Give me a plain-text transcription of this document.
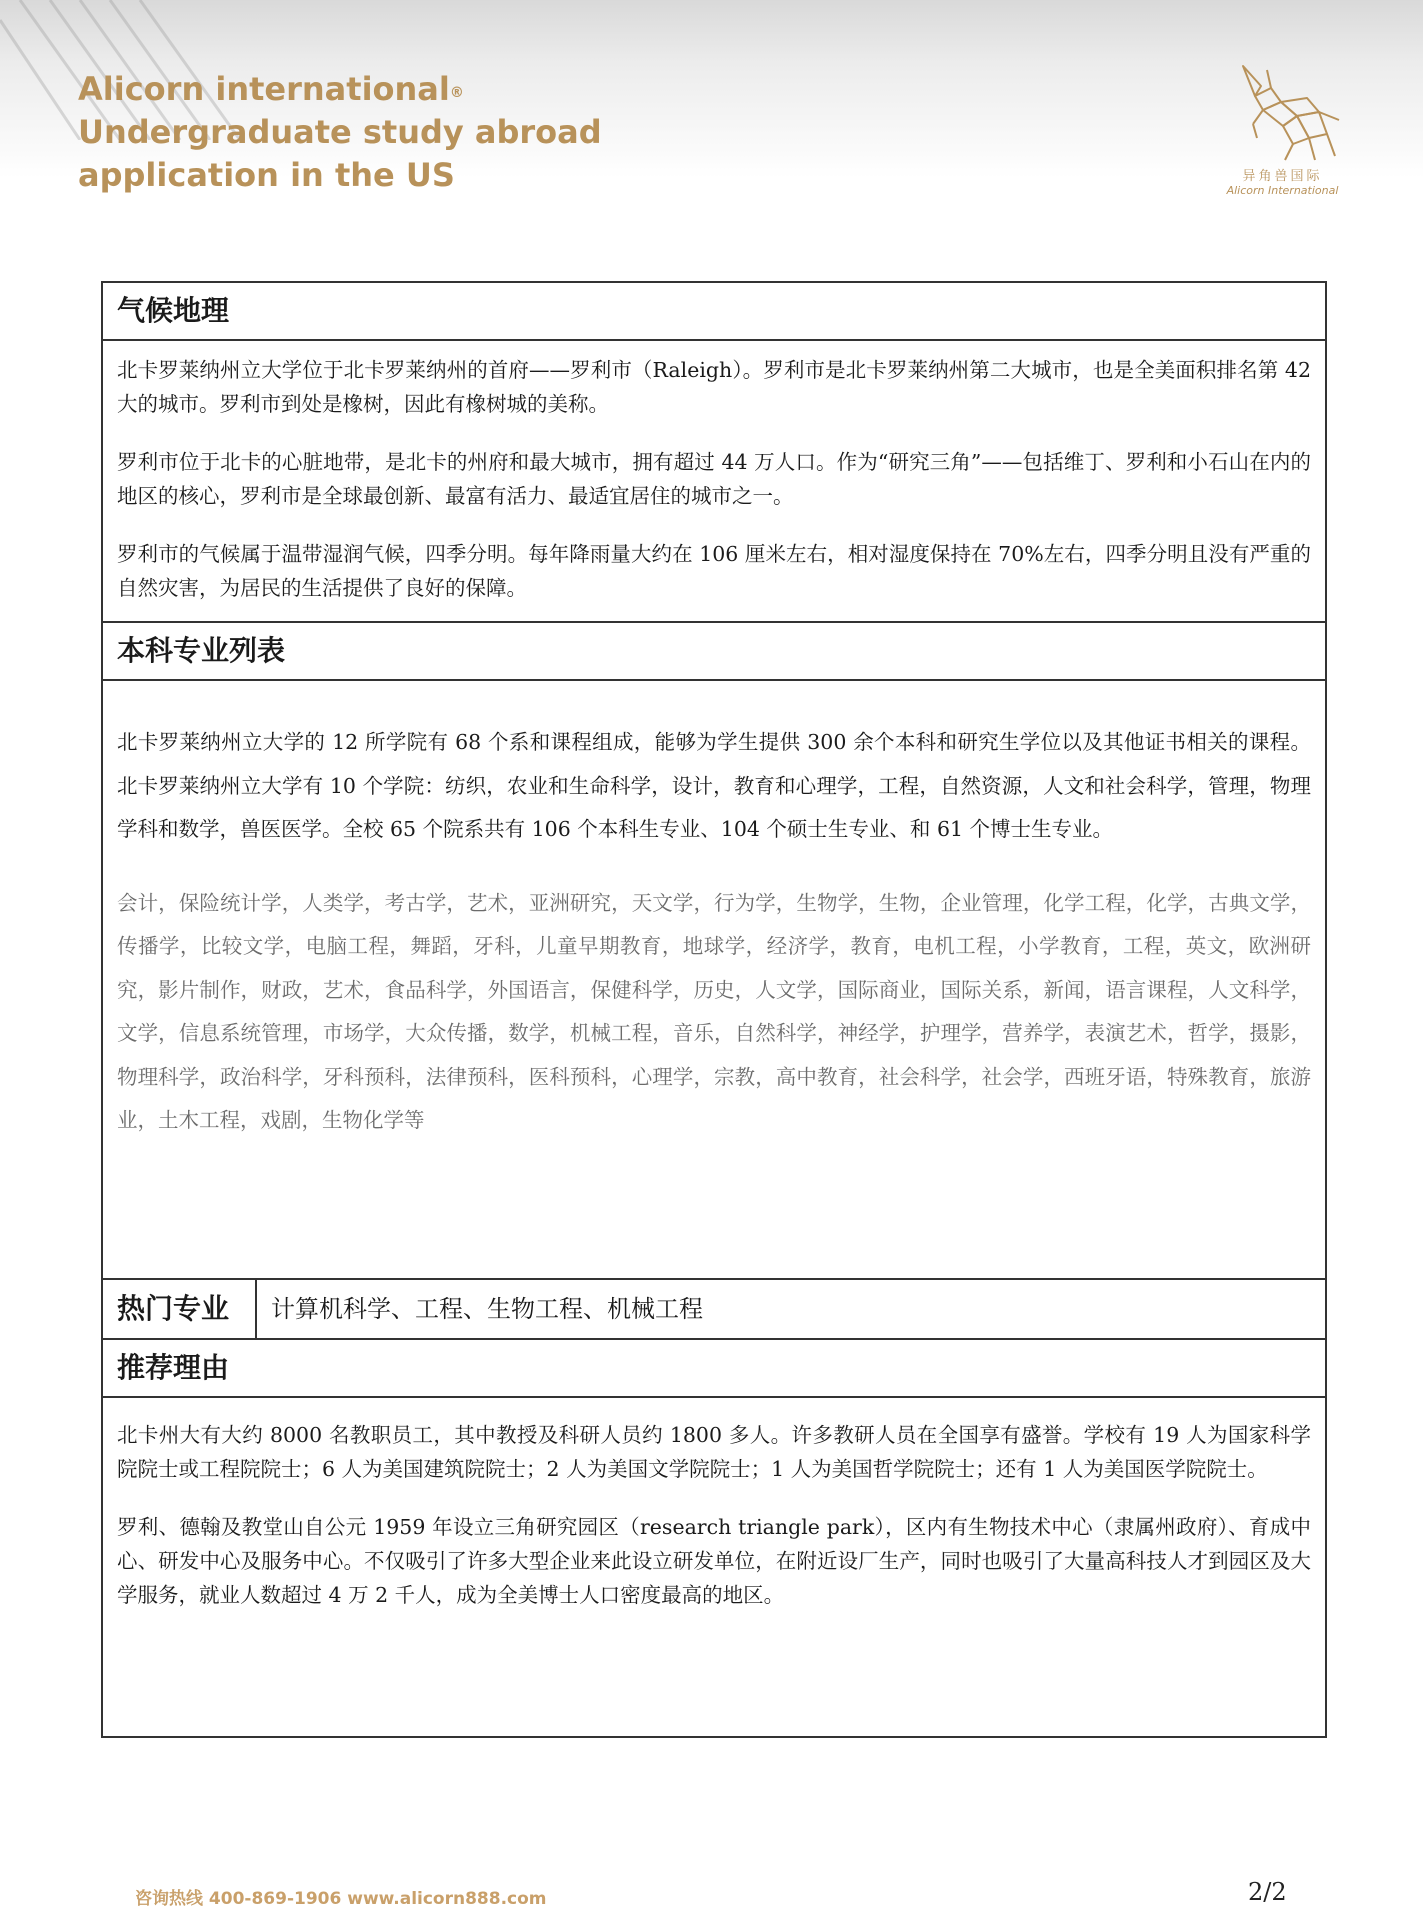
Alicorn international®
Undergraduate study abroad
application in the US	异角兽国际
Alicorn International
气候地理

北卡罗莱纳州立大学位于北卡罗莱纳州的首府——罗利市（Raleigh）。罗利市是北卡罗莱纳州第二大城市，也是全美面积排名第 42 大的城市。罗利市到处是橡树，因此有橡树城的美称。

罗利市位于北卡的心脏地带，是北卡的州府和最大城市，拥有超过 44 万人口。作为“研究三角”——包括维丁、罗利和小石山在内的地区的核心，罗利市是全球最创新、最富有活力、最适宜居住的城市之一。

罗利市的气候属于温带湿润气候，四季分明。每年降雨量大约在 106 厘米左右，相对湿度保持在 70%左右，四季分明且没有严重的自然灾害，为居民的生活提供了良好的保障。

本科专业列表

北卡罗莱纳州立大学的 12 所学院有 68 个系和课程组成，能够为学生提供 300 余个本科和研究生学位以及其他证书相关的课程。北卡罗莱纳州立大学有 10 个学院：纺织，农业和生命科学，设计，教育和心理学，工程，自然资源，人文和社会科学，管理，物理学科和数学，兽医医学。全校 65 个院系共有 106 个本科生专业、104 个硕士生专业、和 61 个博士生专业。

会计，保险统计学，人类学，考古学，艺术，亚洲研究，天文学，行为学，生物学，生物，企业管理，化学工程，化学，古典文学，传播学，比较文学，电脑工程，舞蹈，牙科，儿童早期教育，地球学，经济学，教育，电机工程，小学教育，工程，英文，欧洲研究，影片制作，财政，艺术，食品科学，外国语言，保健科学，历史，人文学，国际商业，国际关系，新闻，语言课程，人文科学，文学，信息系统管理，市场学，大众传播，数学，机械工程，音乐，自然科学，神经学，护理学，营养学，表演艺术，哲学，摄影，物理科学，政治科学，牙科预科，法律预科，医科预科，心理学，宗教，高中教育，社会科学，社会学，西班牙语，特殊教育，旅游业，土木工程，戏剧，生物化学等

热门专业	计算机科学、工程、生物工程、机械工程
推荐理由

北卡州大有大约 8000 名教职员工，其中教授及科研人员约 1800 多人。许多教研人员在全国享有盛誉。学校有 19 人为国家科学院院士或工程院院士；6 人为美国建筑院院士；2 人为美国文学院院士；1 人为美国哲学院院士；还有 1 人为美国医学院院士。

罗利、德翰及教堂山自公元 1959 年设立三角研究园区（research triangle park），区内有生物技术中心（隶属州政府）、育成中心、研发中心及服务中心。不仅吸引了许多大型企业来此设立研发单位，在附近设厂生产，同时也吸引了大量高科技人才到园区及大学服务，就业人数超过 4 万 2 千人，成为全美博士人口密度最高的地区。

咨询热线 400-869-1906 www.alicorn888.com	2/2
